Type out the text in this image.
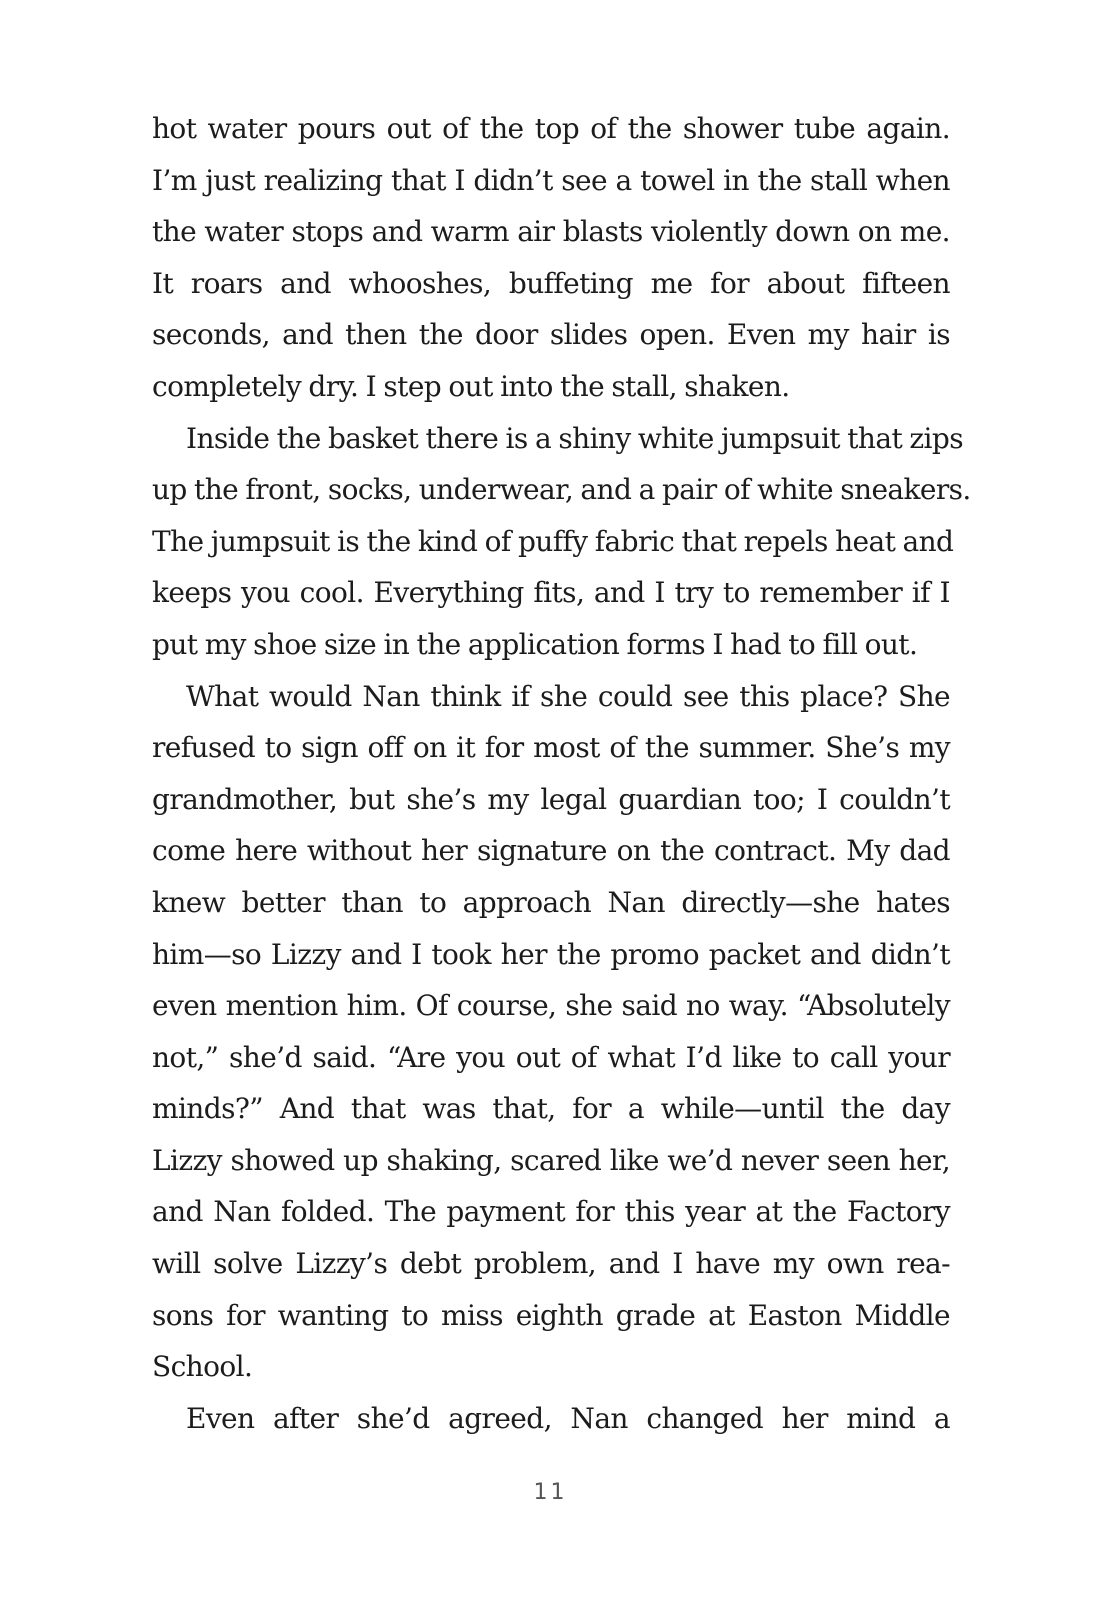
hot water pours out of the top of the shower tube again.
I’m just realizing that I didn’t see a towel in the stall when
the water stops and warm air blasts violently down on me.
It roars and whooshes, buffeting me for about fifteen
seconds, and then the door slides open. Even my hair is
completely dry. I step out into the stall, shaken.
Inside the basket there is a shiny white jumpsuit that zips
up the front, socks, underwear, and a pair of white sneakers.
The jumpsuit is the kind of puffy fabric that repels heat and
keeps you cool. Everything fits, and I try to remember if I
put my shoe size in the application forms I had to fill out.
What would Nan think if she could see this place? She
refused to sign off on it for most of the summer. She’s my
grandmother, but she’s my legal guardian too; I couldn’t
come here without her signature on the contract. My dad
knew better than to approach Nan directly—she hates
him—so Lizzy and I took her the promo packet and didn’t
even mention him. Of course, she said no way. “Absolutely
not,” she’d said. “Are you out of what I’d like to call your
minds?” And that was that, for a while—until the day
Lizzy showed up shaking, scared like we’d never seen her,
and Nan folded. The payment for this year at the Factory
will solve Lizzy’s debt problem, and I have my own rea-
sons for wanting to miss eighth grade at Easton Middle
School.
Even after she’d agreed, Nan changed her mind a
11
